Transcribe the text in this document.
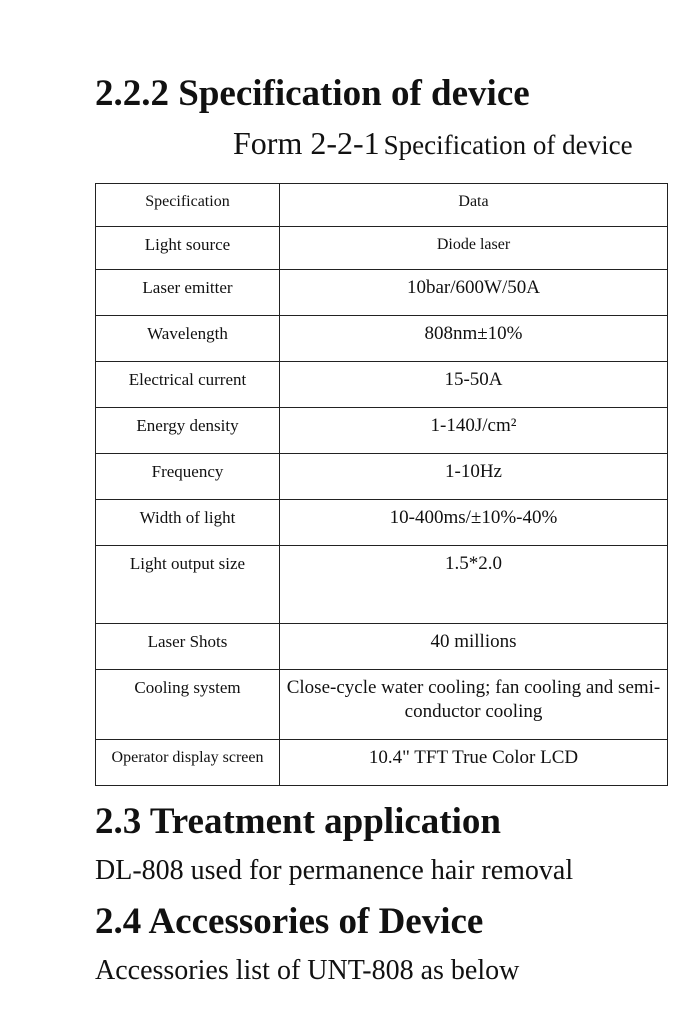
2.2.2 Specification of device
Form 2-2-1 Specification of device
Specification	Data
Light source	Diode laser
Laser emitter	10bar/600W/50A
Wavelength	808nm±10%
Electrical current	15-50A
Energy density	1-140J/cm²
Frequency	1-10Hz
Width of light	10-400ms/±10%-40%
Light output size	1.5*2.0
Laser Shots	40 millions
Cooling system	Close-cycle water cooling; fan cooling and semi-conductor cooling
Operator display screen	10.4" TFT True Color LCD
2.3 Treatment application

DL-808 used for permanence hair removal

2.4 Accessories of Device

Accessories list of UNT-808 as below
